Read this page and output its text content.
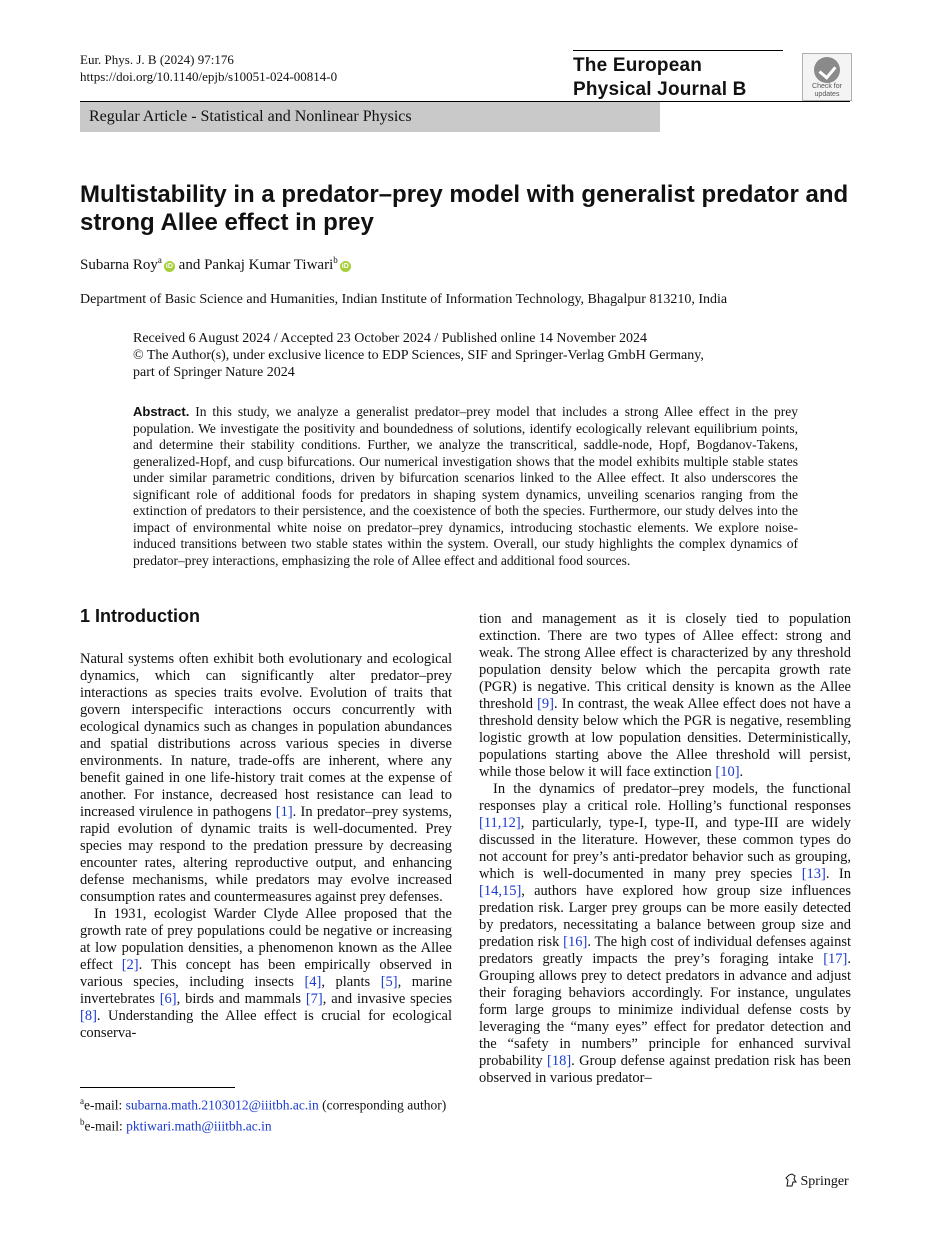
Eur. Phys. J. B (2024) 97:176
https://doi.org/10.1140/epjb/s10051-024-00814-0
The European
Physical Journal B	Check for updates
Regular Article - Statistical and Nonlinear Physics
Multistability in a predator–prey model with generalist predator and strong Allee effect in prey
Subarna Roy$^a$iD and Pankaj Kumar Tiwari$^b$iD
Department of Basic Science and Humanities, Indian Institute of Information Technology, Bhagalpur 813210, India
Received 6 August 2024 / Accepted 23 October 2024 / Published online 14 November 2024
© The Author(s), under exclusive licence to EDP Sciences, SIF and Springer-Verlag GmbH Germany,
part of Springer Nature 2024
Abstract. In this study, we analyze a generalist predator–prey model that includes a strong Allee effect in the prey population. We investigate the positivity and boundedness of solutions, identify ecologically relevant equilibrium points, and determine their stability conditions. Further, we analyze the transcritical, saddle-node, Hopf, Bogdanov-Takens, generalized-Hopf, and cusp bifurcations. Our numerical investigation shows that the model exhibits multiple stable states under similar parametric conditions, driven by bifurcation scenarios linked to the Allee effect. It also underscores the significant role of additional foods for predators in shaping system dynamics, unveiling scenarios ranging from the extinction of predators to their persistence, and the coexistence of both the species. Furthermore, our study delves into the impact of environmental white noise on predator–prey dynamics, introducing stochastic elements. We explore noise-induced transitions between two stable states within the system. Overall, our study highlights the complex dynamics of predator–prey interactions, emphasizing the role of Allee effect and additional food sources.
1 Introduction

Natural systems often exhibit both evolutionary and ecological dynamics, which can significantly alter predator–prey interactions as species traits evolve. Evolution of traits that govern interspecific interactions occurs concurrently with ecological dynamics such as changes in population abundances and spatial distributions across various species in diverse environments. In nature, trade-offs are inherent, where any benefit gained in one life-history trait comes at the expense of another. For instance, decreased host resistance can lead to increased virulence in pathogens [1]. In predator–prey systems, rapid evolution of dynamic traits is well-documented. Prey species may respond to the predation pressure by decreasing encounter rates, altering reproductive output, and enhancing defense mechanisms, while predators may evolve increased consumption rates and countermeasures against prey defenses.

In 1931, ecologist Warder Clyde Allee proposed that the growth rate of prey populations could be negative or increasing at low population densities, a phenomenon known as the Allee effect [2]. This concept has been empirically observed in various species, including insects [4], plants [5], marine invertebrates [6], birds and mammals [7], and invasive species [8]. Understanding the Allee effect is crucial for ecological conserva-

tion and management as it is closely tied to population extinction. There are two types of Allee effect: strong and weak. The strong Allee effect is characterized by any threshold population density below which the percapita growth rate (PGR) is negative. This critical density is known as the Allee threshold [9]. In contrast, the weak Allee effect does not have a threshold density below which the PGR is negative, resembling logistic growth at low population densities. Deterministically, populations starting above the Allee threshold will persist, while those below it will face extinction [10].

In the dynamics of predator–prey models, the functional responses play a critical role. Holling’s functional responses [11,12], particularly, type-I, type-II, and type-III are widely discussed in the literature. However, these common types do not account for prey’s anti-predator behavior such as grouping, which is well-documented in many prey species [13]. In [14,15], authors have explored how group size influences predation risk. Larger prey groups can be more easily detected by predators, necessitating a balance between group size and predation risk [16]. The high cost of individual defenses against predators greatly impacts the prey’s foraging intake [17]. Grouping allows prey to detect predators in advance and adjust their foraging behaviors accordingly. For instance, ungulates form large groups to minimize individual defense costs by leveraging the “many eyes” effect for predator detection and the “safety in numbers” principle for enhanced survival probability [18]. Group defense against predation risk has been observed in various predator–

$^a$e-mail: subarna.math.2103012@iiitbh.ac.in (corresponding author)
$^b$e-mail: pktiwari.math@iiitbh.ac.in
Springer
